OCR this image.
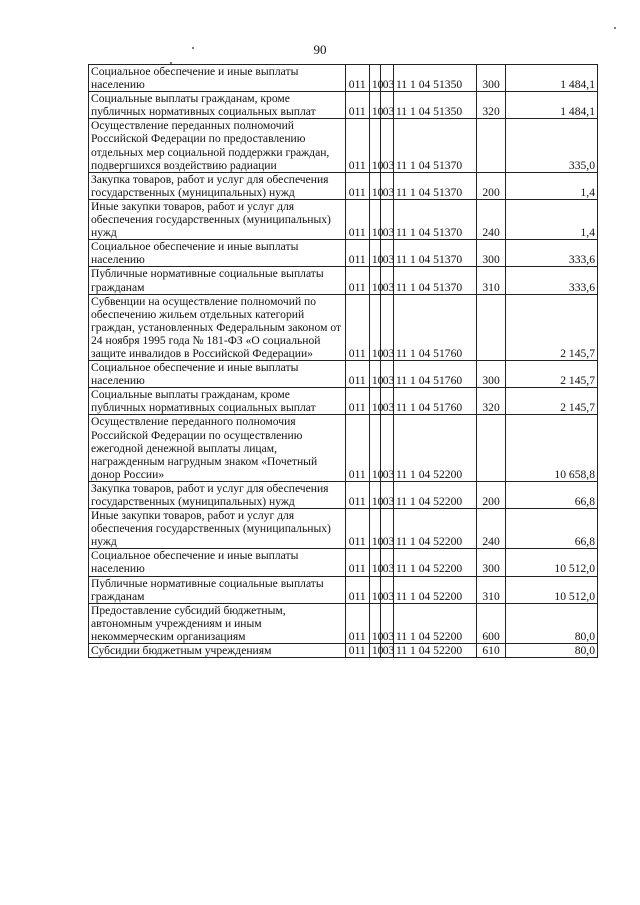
90
Социальное обеспечение и иные выплаты населению	011	10	03	11 1 04 51350	300	1 484,1
Социальные выплаты гражданам, кроме публичных нормативных социальных выплат	011	10	03	11 1 04 51350	320	1 484,1
Осуществление переданных полномочий Российской Федерации по предоставлению отдельных мер социальной поддержки граждан, подвергшихся воздействию радиации	011	10	03	11 1 04 51370		335,0
Закупка товаров, работ и услуг для обеспечения государственных (муниципальных) нужд	011	10	03	11 1 04 51370	200	1,4
Иные закупки товаров, работ и услуг для обеспечения государственных (муниципальных) нужд	011	10	03	11 1 04 51370	240	1,4
Социальное обеспечение и иные выплаты населению	011	10	03	11 1 04 51370	300	333,6
Публичные нормативные социальные выплаты гражданам	011	10	03	11 1 04 51370	310	333,6
Субвенции на осуществление полномочий по обеспечению жильем отдельных категорий граждан, установленных Федеральным законом от 24 ноября 1995 года № 181-ФЗ «О социальной защите инвалидов в Российской Федерации»	011	10	03	11 1 04 51760		2 145,7
Социальное обеспечение и иные выплаты населению	011	10	03	11 1 04 51760	300	2 145,7
Социальные выплаты гражданам, кроме публичных нормативных социальных выплат	011	10	03	11 1 04 51760	320	2 145,7
Осуществление переданного полномочия Российской Федерации по осуществлению ежегодной денежной выплаты лицам, награжденным нагрудным знаком «Почетный донор России»	011	10	03	11 1 04 52200		10 658,8
Закупка товаров, работ и услуг для обеспечения государственных (муниципальных) нужд	011	10	03	11 1 04 52200	200	66,8
Иные закупки товаров, работ и услуг для обеспечения государственных (муниципальных) нужд	011	10	03	11 1 04 52200	240	66,8
Социальное обеспечение и иные выплаты населению	011	10	03	11 1 04 52200	300	10 512,0
Публичные нормативные социальные выплаты гражданам	011	10	03	11 1 04 52200	310	10 512,0
Предоставление субсидий бюджетным, автономным учреждениям и иным некоммерческим организациям	011	10	03	11 1 04 52200	600	80,0
Субсидии бюджетным учреждениям	011	10	03	11 1 04 52200	610	80,0
